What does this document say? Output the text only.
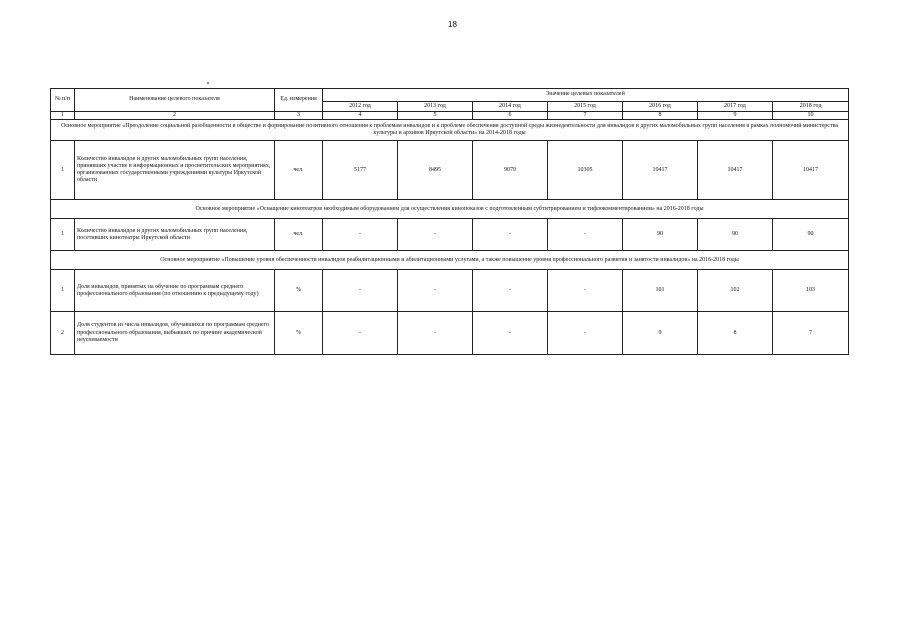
18
№ п/п	Наименование целевого показателя	Ед. измерения	Значение целевых показателей						
			2012 год	2013 год	2014 год	2015 год	2016 год	2017 год	2018 год
1	2	3	4	5	6	7	8	9	10
Основное мероприятие «Преодоление социальной разобщенности в обществе и формирование позитивного отношения к проблемам инвалидов и к проблеме обеспечения доступной среды жизнедеятельности для инвалидов и других маломобильных групп населения в рамках полномочий министерства культуры и архивов Иркутской области» на 2014-2018 годы									
1	Количество инвалидов и других маломобильных групп населения, принявших участие в информационных и просветительских мероприятиях, организованных государственными учреждениями культуры Иркутской области	чел.	5177	8495	9070	10305	10417	10417	10417
Основное мероприятие «Оснащение кинотеатров необходимым оборудованием для осуществления кинопоказов с подготовленным субтитрированием и тифлокомментированием» на 2016-2018 годы									
1	Количество инвалидов и других маломобильных групп населения, посетивших кинотеатры Иркутской области	чел.	-	-	-	-	90	90	90
Основное мероприятие «Повышение уровня обеспеченности инвалидов реабилитационными и абилитационными услугами, а также повышение уровня профессионального развития и занятости инвалидов» на 2016-2018 годы									
1	Доля инвалидов, принятых на обучение по программам среднего профессионального образования (по отношению к предыдущему году)	%	-	-	-	-	101	102	103
2	Доля студентов из числа инвалидов, обучавшихся по программам среднего профессионального образования, выбывших по причине академической неуспеваемости	%	-	-	-	-	9	8	7
